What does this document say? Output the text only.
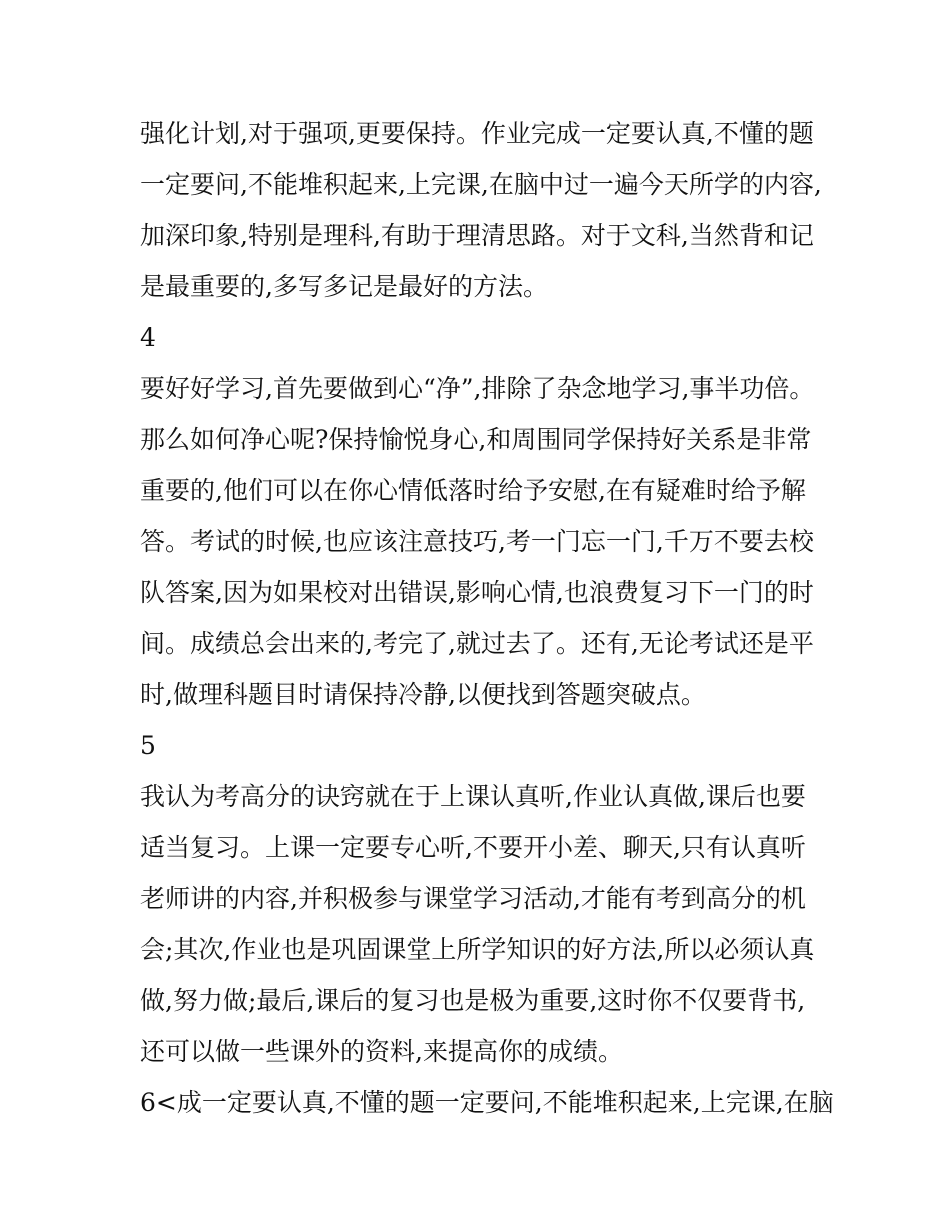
强化计划,对于强项,更要保持。作业完成一定要认真,不懂的题
一定要问,不能堆积起来,上完课,在脑中过一遍今天所学的内容,
加深印象,特别是理科,有助于理清思路。对于文科,当然背和记
是最重要的,多写多记是最好的方法。
4
要好好学习,首先要做到心“净”,排除了杂念地学习,事半功倍。
那么如何净心呢?保持愉悦身心,和周围同学保持好关系是非常
重要的,他们可以在你心情低落时给予安慰,在有疑难时给予解
答。考试的时候,也应该注意技巧,考一门忘一门,千万不要去校
队答案,因为如果校对出错误,影响心情,也浪费复习下一门的时
间。成绩总会出来的,考完了,就过去了。还有,无论考试还是平
时,做理科题目时请保持冷静,以便找到答题突破点。
5
我认为考高分的诀窍就在于上课认真听,作业认真做,课后也要
适当复习。上课一定要专心听,不要开小差、聊天,只有认真听
老师讲的内容,并积极参与课堂学习活动,才能有考到高分的机
会;其次,作业也是巩固课堂上所学知识的好方法,所以必须认真
做,努力做;最后,课后的复习也是极为重要,这时你不仅要背书,
还可以做一些课外的资料,来提高你的成绩。
6<成一定要认真,不懂的题一定要问,不能堆积起来,上完课,在脑
